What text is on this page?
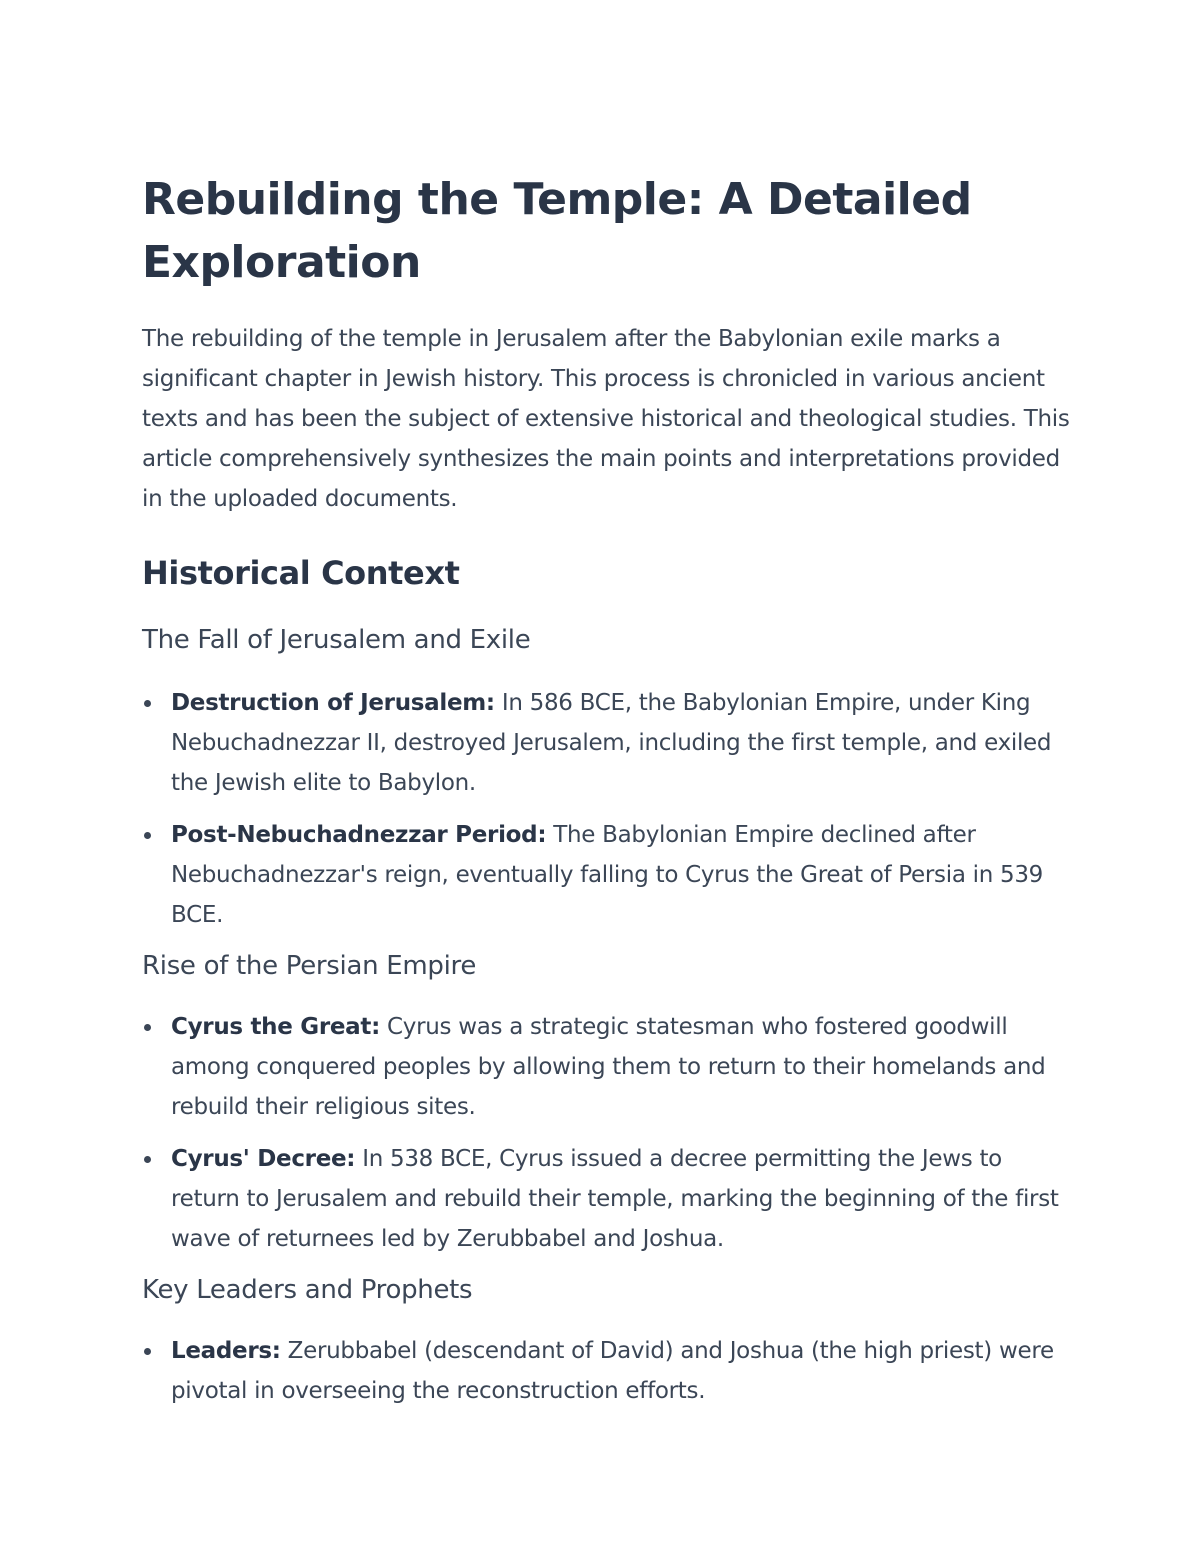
Rebuilding the Temple: A Detailed Exploration

The rebuilding of the temple in Jerusalem after the Babylonian exile marks a significant chapter in Jewish history. This process is chronicled in various ancient texts and has been the subject of extensive historical and theological studies. This article comprehensively synthesizes the main points and interpretations provided in the uploaded documents.

Historical Context
The Fall of Jerusalem and Exile
Destruction of Jerusalem: In 586 BCE, the Babylonian Empire, under King Nebuchadnezzar II, destroyed Jerusalem, including the first temple, and exiled the Jewish elite to Babylon.
Post-Nebuchadnezzar Period: The Babylonian Empire declined after Nebuchadnezzar's reign, eventually falling to Cyrus the Great of Persia in 539 BCE.
Rise of the Persian Empire
Cyrus the Great: Cyrus was a strategic statesman who fostered goodwill among conquered peoples by allowing them to return to their homelands and rebuild their religious sites.
Cyrus' Decree: In 538 BCE, Cyrus issued a decree permitting the Jews to return to Jerusalem and rebuild their temple, marking the beginning of the first wave of returnees led by Zerubbabel and Joshua.
Key Leaders and Prophets
Leaders: Zerubbabel (descendant of David) and Joshua (the high priest) were pivotal in overseeing the reconstruction efforts.
